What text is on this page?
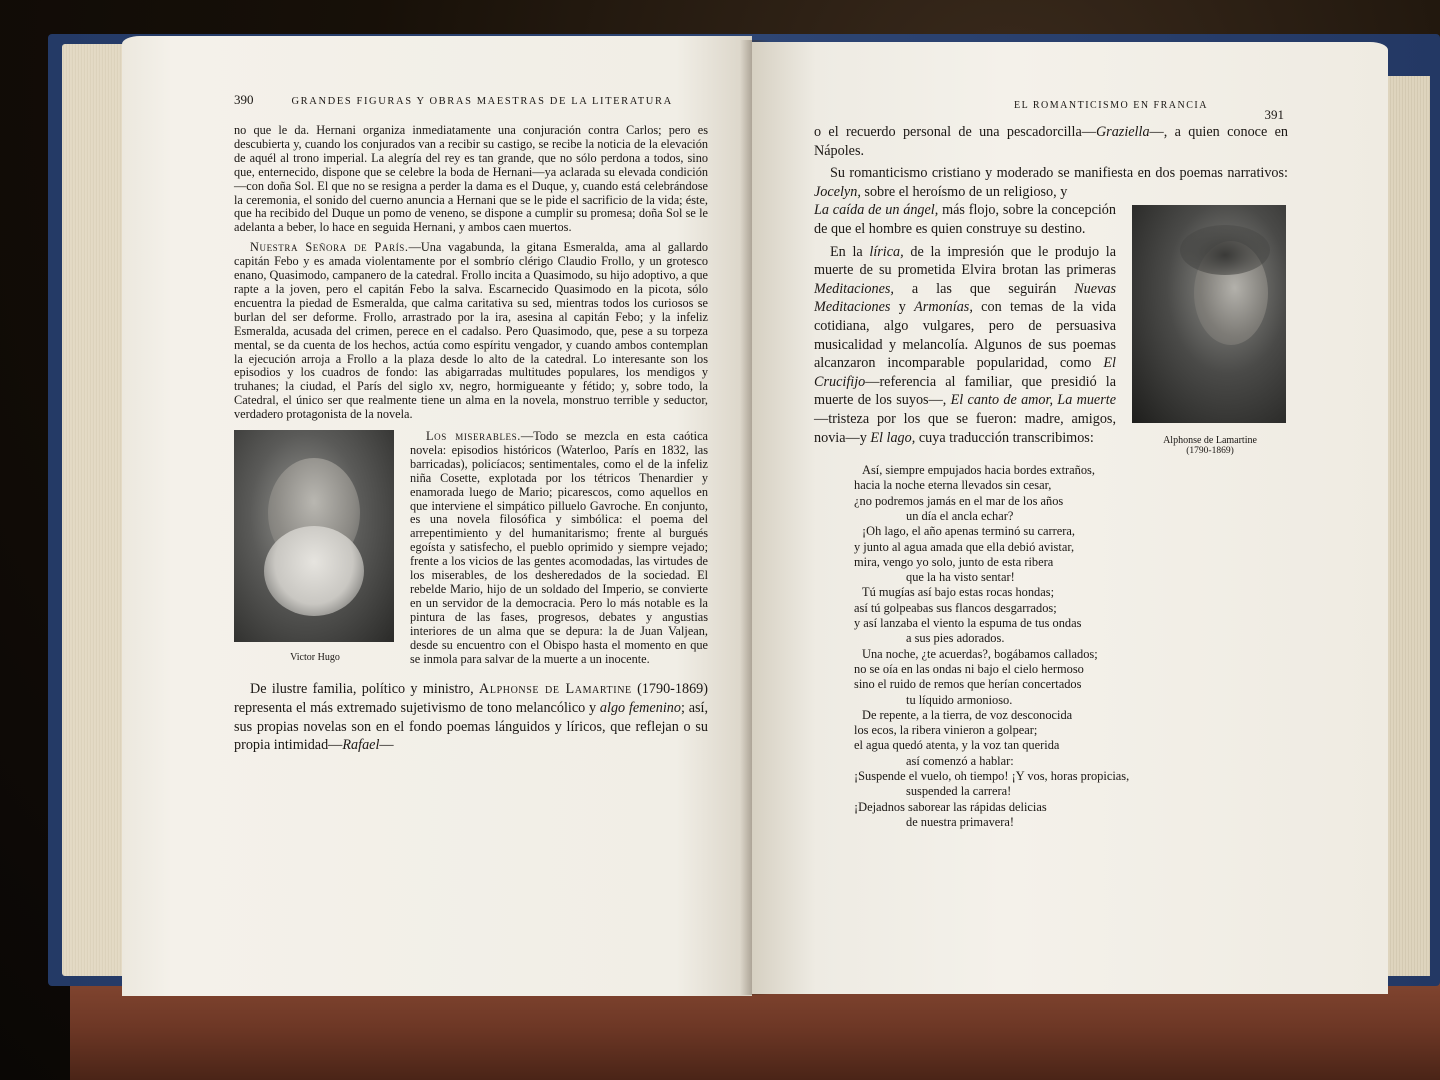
390	GRANDES FIGURAS Y OBRAS MAESTRAS DE LA LITERATURA

no que le da. Hernani organiza inmediatamente una conjuración contra Carlos; pero es descubierta y, cuando los conjurados van a recibir su castigo, se recibe la noticia de la elevación de aquél al trono imperial. La alegría del rey es tan grande, que no sólo perdona a todos, sino que, enternecido, dispone que se celebre la boda de Hernani—ya aclarada su elevada condición—con doña Sol. El que no se resigna a perder la dama es el Duque, y, cuando está celebrándose la ceremonia, el sonido del cuerno anuncia a Hernani que se le pide el sacrificio de la vida; éste, que ha recibido del Duque un pomo de veneno, se dispone a cumplir su promesa; doña Sol se le adelanta a beber, lo hace en seguida Hernani, y ambos caen muertos.

Nuestra Señora de París.—Una vagabunda, la gitana Esmeralda, ama al gallardo capitán Febo y es amada violentamente por el sombrío clérigo Claudio Frollo, y un grotesco enano, Quasimodo, campanero de la catedral. Frollo incita a Quasimodo, su hijo adoptivo, a que rapte a la joven, pero el capitán Febo la salva. Escarnecido Quasimodo en la picota, sólo encuentra la piedad de Esmeralda, que calma caritativa su sed, mientras todos los curiosos se burlan del ser deforme. Frollo, arrastrado por la ira, asesina al capitán Febo; y la infeliz Esmeralda, acusada del crimen, perece en el cadalso. Pero Quasimodo, que, pese a su torpeza mental, se da cuenta de los hechos, actúa como espíritu vengador, y cuando ambos contemplan la ejecución arroja a Frollo a la plaza desde lo alto de la catedral. Lo interesante son los episodios y los cuadros de fondo: las abigarradas multitudes populares, los mendigos y truhanes; la ciudad, el París del siglo xv, negro, hormigueante y fétido; y, sobre todo, la Catedral, el único ser que realmente tiene un alma en la novela, monstruo terrible y seductor, verdadero protagonista de la novela.

Victor Hugo

Los miserables.—Todo se mezcla en esta caótica novela: episodios históricos (Waterloo, París en 1832, las barricadas), policíacos; sentimentales, como el de la infeliz niña Cosette, explotada por los tétricos Thenardier y enamorada luego de Mario; picarescos, como aquellos en que interviene el simpático pilluelo Gavroche. En conjunto, es una novela filosófica y simbólica: el poema del arrepentimiento y del humanitarismo; frente al burgués egoísta y satisfecho, el pueblo oprimido y siempre vejado; frente a los vicios de las gentes acomodadas, las virtudes de los miserables, de los desheredados de la sociedad. El rebelde Mario, hijo de un soldado del Imperio, se convierte en un servidor de la democracia. Pero lo más notable es la pintura de las fases, progresos, debates y angustias interiores de un alma que se depura: la de Juan Valjean, desde su encuentro con el Obispo hasta el momento en que se inmola para salvar de la muerte a un inocente.

De ilustre familia, político y ministro, Alphonse de Lamartine (1790-1869) representa el más extremado sujetivismo de tono melancólico y algo femenino; así, sus propias novelas son en el fondo poemas lánguidos y líricos, que reflejan o su propia intimidad—Rafael—

EL ROMANTICISMO EN FRANCIA
391

o el recuerdo personal de una pescadorcilla—Graziella—, a quien conoce en Nápoles.

Su romanticismo cristiano y moderado se manifiesta en dos poemas narrativos: Jocelyn, sobre el heroísmo de un religioso, y

Alphonse de Lamartine
(1790-1869)

La caída de un ángel, más flojo, sobre la concepción de que el hombre es quien construye su destino.

En la lírica, de la impresión que le produjo la muerte de su prometida Elvira brotan las primeras Meditaciones, a las que seguirán Nuevas Meditaciones y Armonías, con temas de la vida cotidiana, algo vulgares, pero de persuasiva musicalidad y melancolía. Algunos de sus poemas alcanzaron incomparable popularidad, como El Crucifijo—referencia al familiar, que presidió la muerte de los suyos—, El canto de amor, La muerte—tristeza por los que se fueron: madre, amigos, novia—y El lago, cuya traducción transcribimos:

Así, siempre empujados hacia bordes extraños,
hacia la noche eterna llevados sin cesar,
¿no podremos jamás en el mar de los años
un día el ancla echar?
¡Oh lago, el año apenas terminó su carrera,
y junto al agua amada que ella debió avistar,
mira, vengo yo solo, junto de esta ribera
que la ha visto sentar!
Tú mugías así bajo estas rocas hondas;
así tú golpeabas sus flancos desgarrados;
y así lanzaba el viento la espuma de tus ondas
a sus pies adorados.
Una noche, ¿te acuerdas?, bogábamos callados;
no se oía en las ondas ni bajo el cielo hermoso
sino el ruido de remos que herían concertados
tu líquido armonioso.
De repente, a la tierra, de voz desconocida
los ecos, la ribera vinieron a golpear;
el agua quedó atenta, y la voz tan querida
así comenzó a hablar:
¡Suspende el vuelo, oh tiempo! ¡Y vos, horas propicias,
suspended la carrera!
¡Dejadnos saborear las rápidas delicias
de nuestra primavera!
